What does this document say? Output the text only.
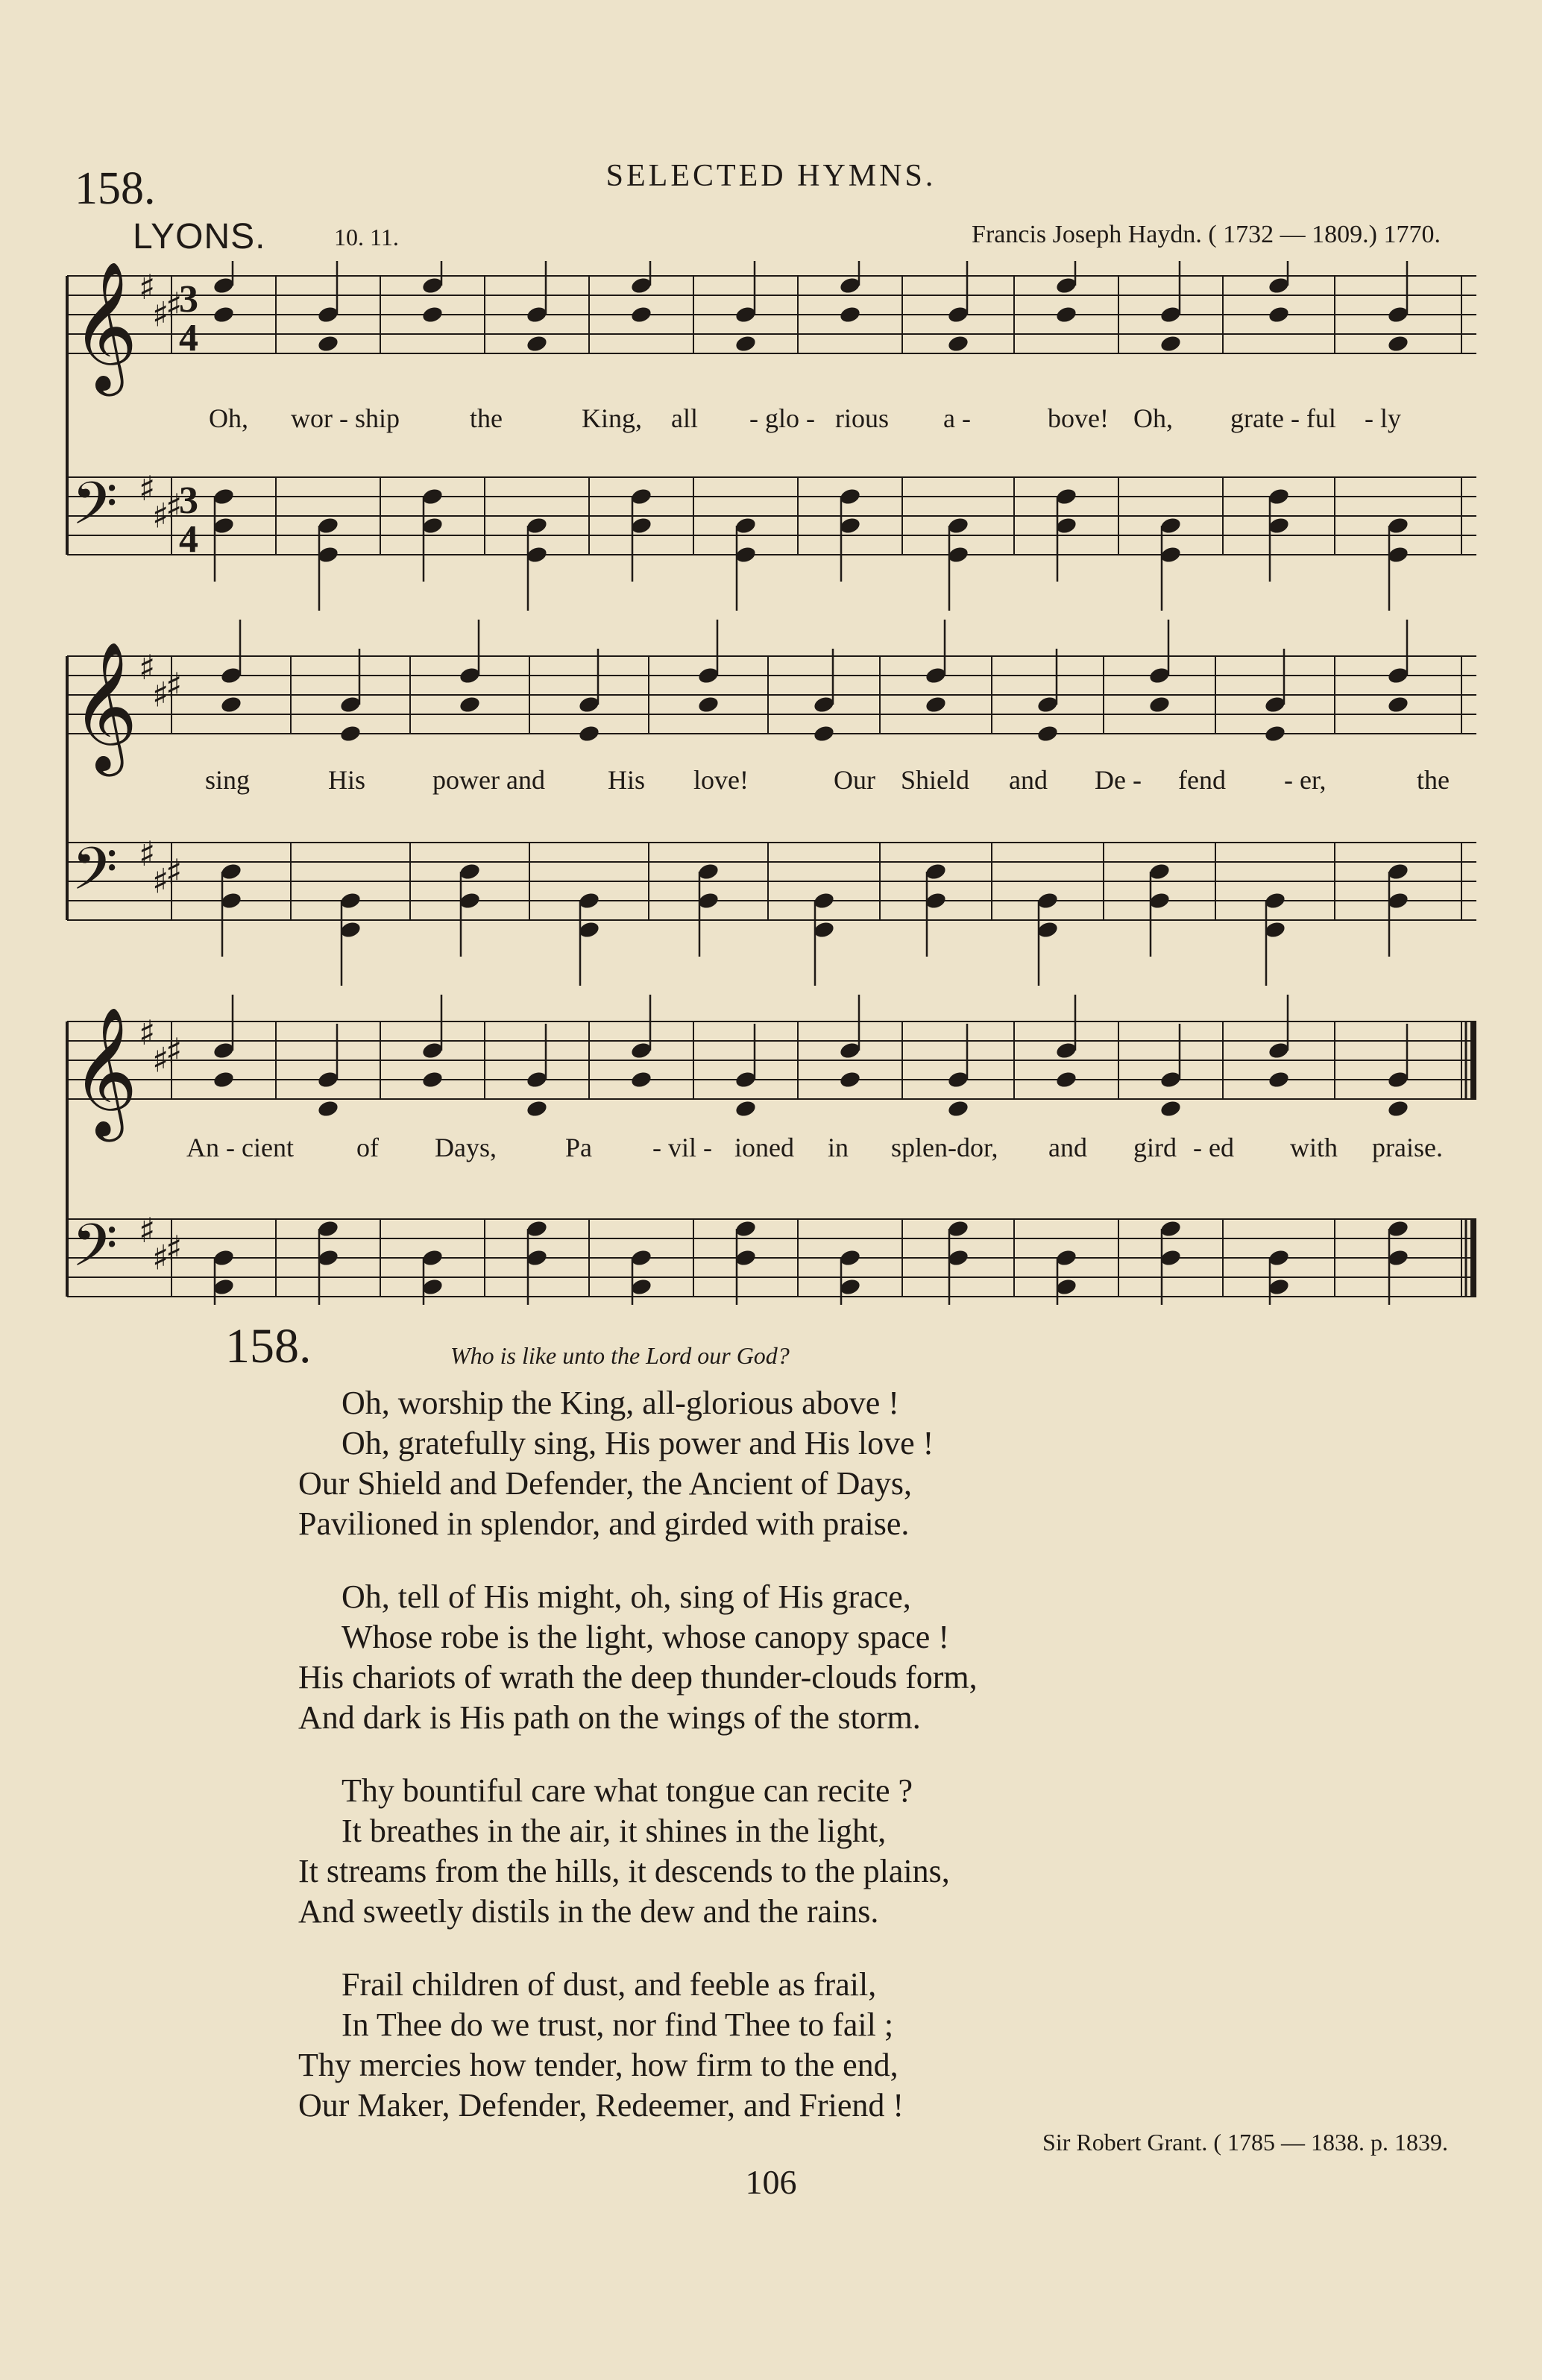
158.	SELECTED HYMNS.
LYONS.	10. 11.	Francis Joseph Haydn. ( 1732 — 1809.) 1770.
𝄞 ♯
♯
♯
𝄢 ♯
♯
♯
3
4
3
4
𝄞 ♯
♯
♯
𝄢 ♯
♯
♯
𝄞 ♯
♯
♯
𝄢 ♯
♯
♯
Oh, wor - ship	the	King, all - glo - rious a -	bove! Oh, grate - ful - ly
sing	His power and His love!	Our Shield and De - fend - er,	the
An - cient of Days,	Pa - vil - ioned in splen-dor, and gird - ed with praise.
158.	Who is like unto the Lord our God?
Oh, worship the King, all-glorious above !
Oh, gratefully sing, His power and His love !
Our Shield and Defender, the Ancient of Days,
Pavilioned in splendor, and girded with praise.
Oh, tell of His might, oh, sing of His grace,
Whose robe is the light, whose canopy space !
His chariots of wrath the deep thunder-clouds form,
And dark is His path on the wings of the storm.
Thy bountiful care what tongue can recite ?
It breathes in the air, it shines in the light,
It streams from the hills, it descends to the plains,
And sweetly distils in the dew and the rains.
Frail children of dust, and feeble as frail,
In Thee do we trust, nor find Thee to fail ;
Thy mercies how tender, how firm to the end,
Our Maker, Defender, Redeemer, and Friend !
Sir Robert Grant. ( 1785 — 1838. p. 1839.
106
